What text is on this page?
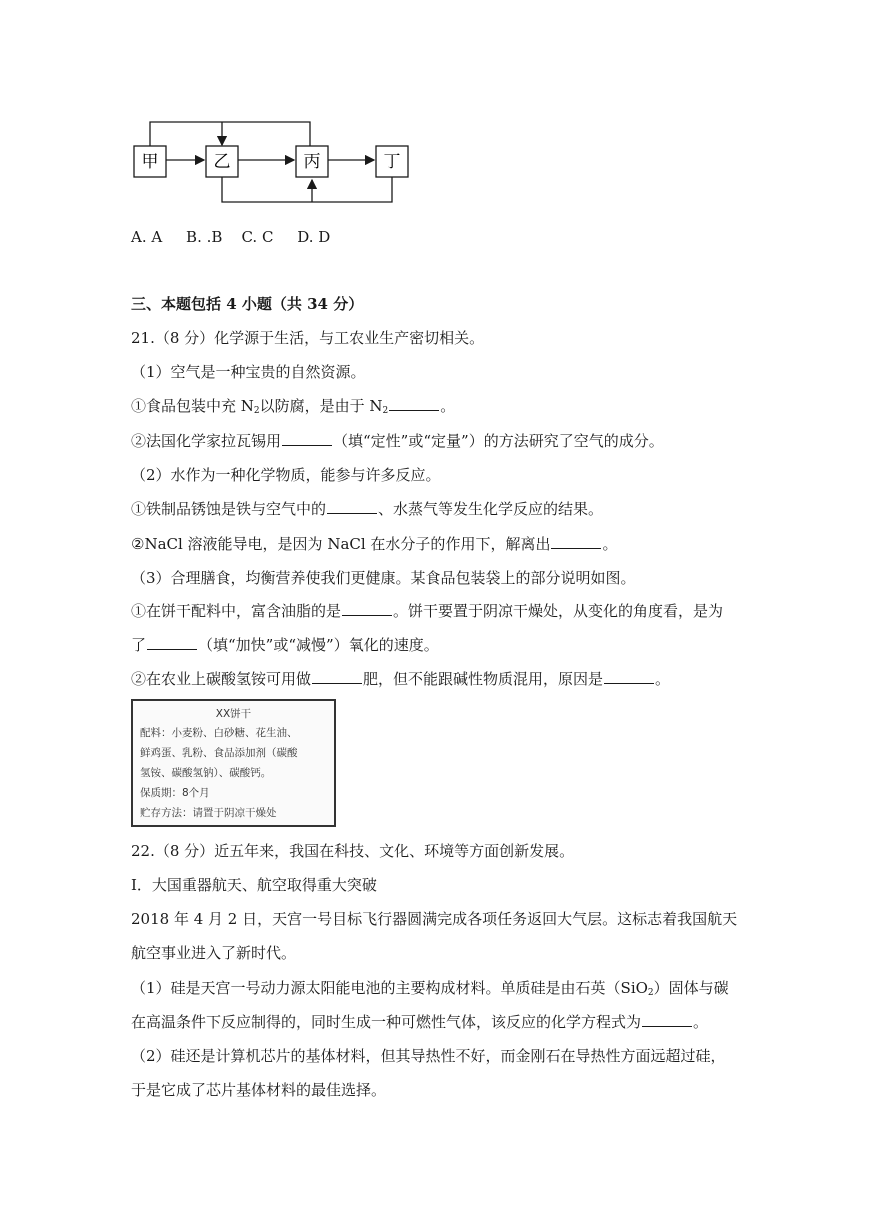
甲	乙	丙	丁
A. A     B. .B    C. C     D. D
三、本题包括 4 小题（共 34 分）
21.（8 分）化学源于生活，与工农业生产密切相关。
（1）空气是一种宝贵的自然资源。
①食品包装中充 $N_2$以防腐，是由于 $N_2$	。
②法国化学家拉瓦锡用	（填“定性”或“定量”）的方法研究了空气的成分。
（2）水作为一种化学物质，能参与许多反应。
①铁制品锈蚀是铁与空气中的	、水蒸气等发生化学反应的结果。
②NaCl 溶液能导电，是因为 NaCl 在水分子的作用下，解离出	。
（3）合理膳食，均衡营养使我们更健康。某食品包装袋上的部分说明如图。
①在饼干配料中，富含油脂的是	。饼干要置于阴凉干燥处，从变化的角度看，是为
了	（填“加快”或“减慢”）氧化的速度。
②在农业上碳酸氢铵可用做	肥，但不能跟碱性物质混用，原因是	。
XX饼干
配料：小麦粉、白砂糖、花生油、
鲜鸡蛋、乳粉、食品添加剂（碳酸
氢铵、碳酸氢钠）、碳酸钙。
保质期：8个月
贮存方法：请置于阴凉干燥处
22.（8 分）近五年来，我国在科技、文化、环境等方面创新发展。
I．大国重器航天、航空取得重大突破
2018 年 4 月 2 日，天宫一号目标飞行器圆满完成各项任务返回大气层。这标志着我国航天
航空事业进入了新时代。
（1）硅是天宫一号动力源太阳能电池的主要构成材料。单质硅是由石英（SiO$_2$）固体与碳
在高温条件下反应制得的，同时生成一种可燃性气体，该反应的化学方程式为	。
（2）硅还是计算机芯片的基体材料，但其导热性不好，而金刚石在导热性方面远超过硅，
于是它成了芯片基体材料的最佳选择。
